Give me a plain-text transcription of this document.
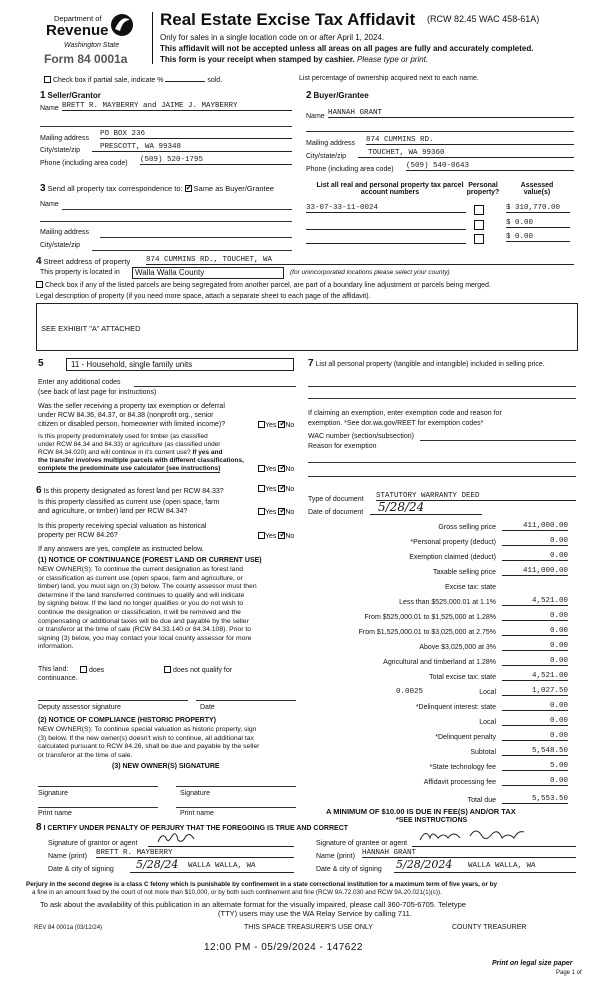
Department of
Revenue
Washington State
Form 84 0001a
Real Estate Excise Tax Affidavit (RCW 82.45 WAC 458-61A)
Only for sales in a single location code on or after April 1, 2024.
This affidavit will not be accepted unless all areas on all pages are fully and accurately completed.
This form is your receipt when stamped by cashier. Please type or print.
Check box if partial sale, indicate %	sold.	List percentage of ownership acquired next to each name.
1 Seller/Grantor
Name BRETT R. MAYBERRY and JAIME J. MAYBERRY
Mailing address
PO BOX 236
City/state/zip	PRESCOTT, WA 99348
Phone (including area code) (509) 520-1795
2 Buyer/Grantee
Name HANNAH GRANT
Mailing address 874 CUMMINS RD.
City/state/zip	TOUCHET, WA 99360
Phone (including area code) (509) 540-0643
3 Send all property tax correspondence to: ✓ Same as Buyer/Grantee
Name
Mailing address
City/state/zip
List all real and personal property tax parcel account numbers
Personal property?
Assessed value(s)
33-07-33-11-0024	$ 310,770.00
$ 0.00
$ 0.00
4 Street address of property 874 CUMMINS RD., TOUCHET, WA
This property is located in	Walla Walla County	(for unincorporated locations please select your county)
Check box if any of the listed parcels are being segregated from another parcel, are part of a boundary line adjustment or parcels being merged.
Legal description of property (if you need more space, attach a separate sheet to each page of the affidavit).
SEE EXHIBIT "A" ATTACHED
5	11 - Household, single family units
Enter any additional codes
(see back of last page for instructions)
Was the seller receiving a property tax exemption or deferral
under RCW 84.36, 84.37, or 84.38 (nonprofit org., senior
citizen or disabled person, homeowner with limited income)?	Yes ✓ No
Is this property predominately used for timber (as classified
under RCW 84.34 and 84.33) or agriculture (as classified under
RCW 84.34.020) and will continue in it's current use? If yes and
the transfer involves multiple parcels with different classifications,
complete the predominate use calculator (see instructions)	Yes ✓ No
7 List all personal property (tangible and intangible) included in selling price.
If claiming an exemption, enter exemption code and reason for
exemption. *See dor.wa.gov/REET for exemption codes*
WAC number (section/subsection)
Reason for exemption
6 Is this property designated as forest land per RCW 84.33?	Yes ✓ No
Is this property classified as current use (open space, farm
and agriculture, or timber) land per RCW 84.34?	Yes ✓ No
Is this property receiving special valuation as historical
property per RCW 84.26?	Yes ✓ No
If any answers are yes, complete as instructed below.
(1) NOTICE OF CONTINUANCE (FOREST LAND OR CURRENT USE)
NEW OWNER(S): To continue the current designation as forest land
or classification as current use (open space, farm and agriculture, or
timber) land, you must sign on (3) below. The county assessor must then
determine if the land transferred continues to qualify and will indicate
by signing below. If the land no longer qualifies or you do not wish to
continue the designation or classification, it will be removed and the
compensating or additional taxes will be due and payable by the seller
or transferor at the time of sale (RCW 84.33.140 or 84.34.108). Prior to
signing (3) below, you may contact your local county assessor for more
information.
This land:	does	does not qualify for
continuance.
Deputy assessor signature	Date
(2) NOTICE OF COMPLIANCE (HISTORIC PROPERTY)
NEW OWNER(S): To continue special valuation as historic property, sign
(3) below. If the new owner(s) doesn't wish to continue, all additional tax
calculated pursuant to RCW 84.26, shall be due and payable by the seller
or transferor at the time of sale.
(3) NEW OWNER(S) SIGNATURE
Signature	Signature
Print name	Print name
Type of document STATUTORY WARRANTY DEED
Date of document 5/28/24
Gross selling price	411,000.00
*Personal property (deduct)	0.00
Exemption claimed (deduct)	0.00
Taxable selling price	411,000.00
Excise tax: state
Less than $525,000.01 at 1.1%	4,521.00
From $525,000.01 to $1,525,000 at 1.28%	0.00
From $1,525,000.01 to $3,025,000 at 2.75%	0.00
Above $3,025,000 at 3%	0.00
Agricultural and timberland at 1.28%	0.00
Total excise tax: state	4,521.00
0.0025	Local	1,027.50
*Delinquent interest: state	0.00
Local	0.00
*Delinquent penalty	0.00
Subtotal	5,548.50
*State technology fee	5.00
Affidavit processing fee	0.00
Total due	5,553.50
A MINIMUM OF $10.00 IS DUE IN FEE(S) AND/OR TAX
*SEE INSTRUCTIONS
8 I CERTIFY UNDER PENALTY OF PERJURY THAT THE FOREGOING IS TRUE AND CORRECT
Signature of grantor or agent
Name (print) BRETT R. MAYBERRY
Date & city of signing 5/28/24 WALLA WALLA, WA
Signature of grantee or agent
Name (print) HANNAH GRANT
Date & city of signing 5/28/2024 WALLA WALLA, WA
Perjury in the second degree is a class C felony which is punishable by confinement in a state correctional institution for a maximum term of five years, or by
a fine in an amount fixed by the court of not more than $10,000, or by both such confinement and fine (RCW 9A.72.030 and RCW 9A.20.021(1)(c)).
To ask about the availability of this publication in an alternate format for the visually impaired, please call 360-705-6705. Teletype
(TTY) users may use the WA Relay Service by calling 711.
REV 84 0001a (03/12/24)	THIS SPACE TREASURER'S USE ONLY	COUNTY TREASURER
12:00 PM - 05/29/2024 - 147622
Print on legal size paper
Page 1 of
